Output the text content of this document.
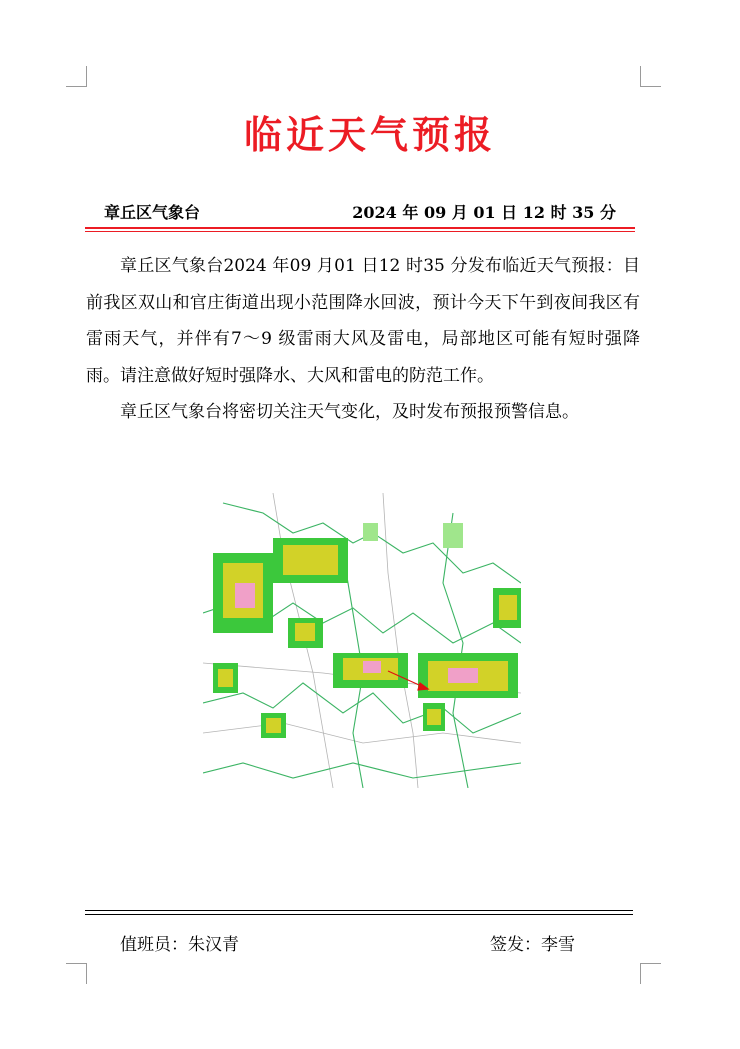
临近天气预报
章丘区气象台	2024 年 09 月 01 日 12 时 35 分

章丘区气象台2024 年09 月01 日12 时35 分发布临近天气预报：目前我区双山和官庄街道出现小范围降水回波，预计今天下午到夜间我区有雷雨天气，并伴有7～9 级雷雨大风及雷电，局部地区可能有短时强降雨。请注意做好短时强降水、大风和雷电的防范工作。

章丘区气象台将密切关注天气变化，及时发布预报预警信息。

值班员：朱汉青	签发：李雪
